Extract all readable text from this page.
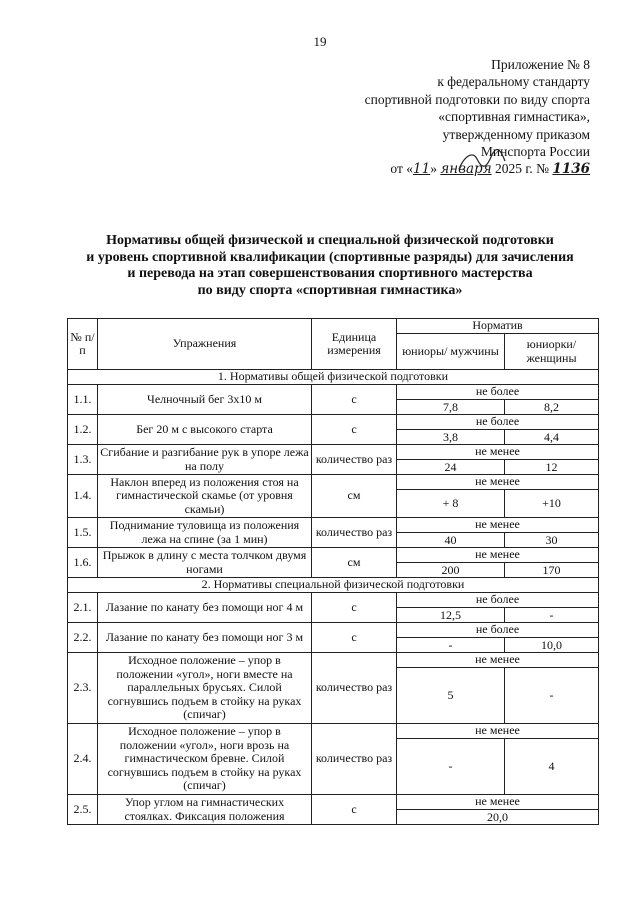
19
Приложение № 8
к федеральному стандарту
спортивной подготовки по виду спорта
«спортивная гимнастика»,
утвержденному приказом
Минспорта России
от «11» января 2025 г. № 1136
Нормативы общей физической и специальной физической подготовки
и уровень спортивной квалификации (спортивные разряды) для зачисления
и перевода на этап совершенствования спортивного мастерства
по виду спорта «спортивная гимнастика»
№ п/п	Упражнения	Единица измерения	Норматив	
			юниоры/ мужчины	юниорки/ женщины
1. Нормативы общей физической подготовки				
1.1.	Челночный бег 3х10 м	с	не более	
			7,8	8,2
1.2.	Бег 20 м с высокого старта	с	не более	
			3,8	4,4
1.3.	Сгибание и разгибание рук в упоре лежа на полу	количество раз	не менее	
			24	12
1.4.	Наклон вперед из положения стоя на гимнастической скамье (от уровня скамьи)	см	не менее	
			+ 8	+10
1.5.	Поднимание туловища из положения лежа на спине (за 1 мин)	количество раз	не менее	
			40	30
1.6.	Прыжок в длину с места толчком двумя ногами	см	не менее	
			200	170
2. Нормативы специальной физической подготовки				
2.1.	Лазание по канату без помощи ног 4 м	с	не более	
			12,5	-
2.2.	Лазание по канату без помощи ног 3 м	с	не более	
			-	10,0
2.3.	Исходное положение – упор в положении «угол», ноги вместе на параллельных брусьях. Силой согнувшись подъем в стойку на руках (спичаг)	количество раз	не менее	
			5	-
2.4.	Исходное положение – упор в положении «угол», ноги врозь на гимнастическом бревне. Силой согнувшись подъем в стойку на руках (спичаг)	количество раз	не менее	
			-	4
2.5.	Упор углом на гимнастических стоялках. Фиксация положения	с	не менее	
			20,0	
